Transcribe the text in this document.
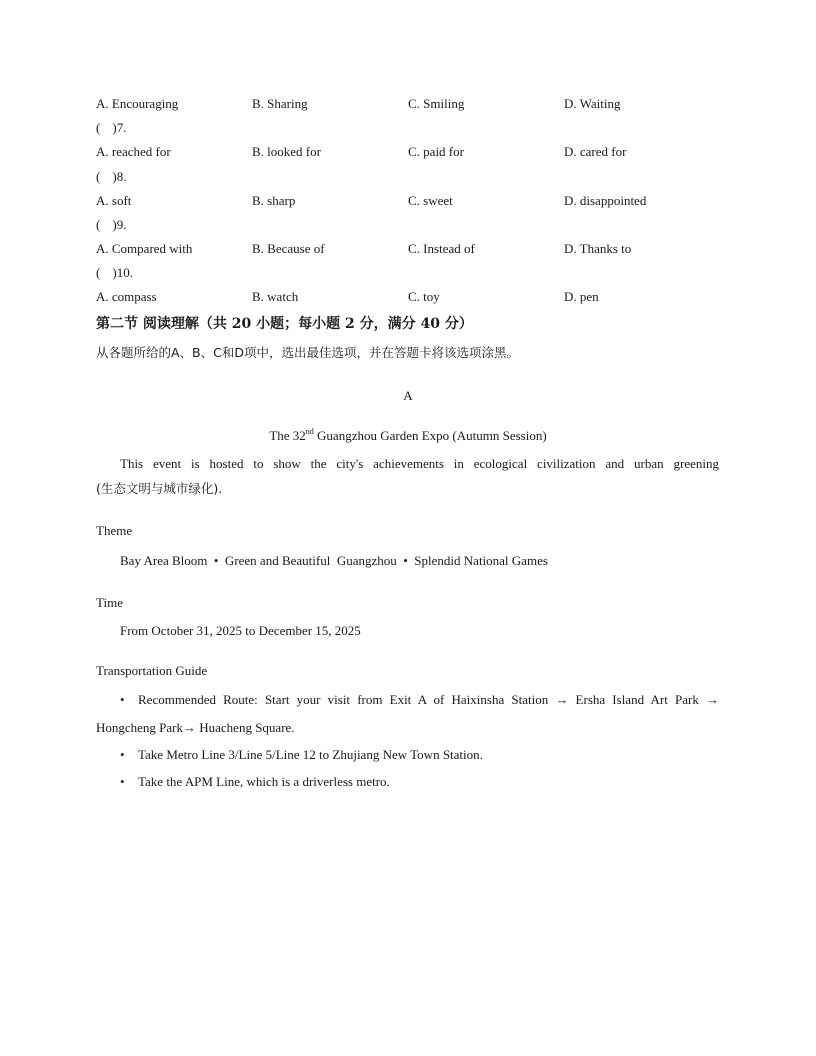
A. Encouraging	B. Sharing	C. Smiling	D. Waiting
( )7.
A. reached for	B. looked for	C. paid for	D. cared for
( )8.
A. soft	B. sharp	C. sweet	D. disappointed
( )9.
A. Compared with	B. Because of	C. Instead of	D. Thanks to
( )10.
A. compass	B. watch	C. toy	D. pen
第二节 阅读理解（共 20 小题；每小题 2 分，满分 40 分）
从各题所给的A、B、C和D项中，选出最佳选项，并在答题卡将该选项涂黑。
A
The 32nd Guangzhou Garden Expo (Autumn Session)
This event is hosted to show the city's achievements in ecological civilization and urban greening
(生态文明与城市绿化).
Theme
Bay Area Bloom  •  Green and Beautiful  Guangzhou  •  Splendid National Games
Time
From October 31, 2025 to December 15, 2025
Transportation Guide
• Recommended Route: Start your visit from Exit A of Haixinsha Station → Ersha Island Art Park →
Hongcheng Park→ Huacheng Square.
• Take Metro Line 3/Line 5/Line 12 to Zhujiang New Town Station.
• Take the APM Line, which is a driverless metro.
